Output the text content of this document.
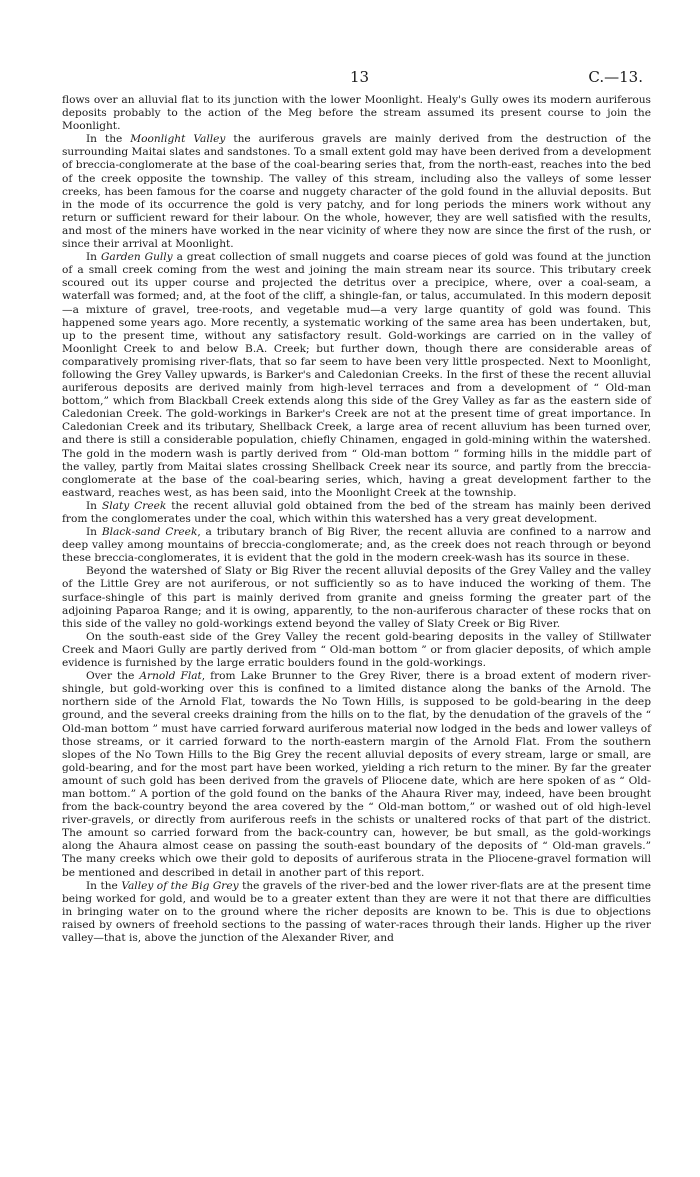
13	C.—13.

flows over an alluvial flat to its junction with the lower Moonlight. Healy's Gully owes its modern auriferous deposits probably to the action of the Meg before the stream assumed its present course to join the Moonlight.

In the Moonlight Valley the auriferous gravels are mainly derived from the destruction of the surrounding Maitai slates and sandstones. To a small extent gold may have been derived from a development of breccia-conglomerate at the base of the coal-bearing series that, from the north-east, reaches into the bed of the creek opposite the township. The valley of this stream, including also the valleys of some lesser creeks, has been famous for the coarse and nuggety character of the gold found in the alluvial deposits. But in the mode of its occurrence the gold is very patchy, and for long periods the miners work without any return or sufficient reward for their labour. On the whole, however, they are well satisfied with the results, and most of the miners have worked in the near vicinity of where they now are since the first of the rush, or since their arrival at Moonlight.

In Garden Gully a great collection of small nuggets and coarse pieces of gold was found at the junction of a small creek coming from the west and joining the main stream near its source. This tributary creek scoured out its upper course and projected the detritus over a precipice, where, over a coal-seam, a waterfall was formed; and, at the foot of the cliff, a shingle-fan, or talus, accumulated. In this modern deposit—a mixture of gravel, tree-roots, and vegetable mud—a very large quantity of gold was found. This happened some years ago. More recently, a systematic working of the same area has been undertaken, but, up to the present time, without any satisfactory result. Gold-workings are carried on in the valley of Moonlight Creek to and below B.A. Creek; but further down, though there are considerable areas of comparatively promising river-flats, that so far seem to have been very little prospected. Next to Moonlight, following the Grey Valley upwards, is Barker's and Caledonian Creeks. In the first of these the recent alluvial auriferous deposits are derived mainly from high-level terraces and from a development of “ Old-man bottom,” which from Blackball Creek extends along this side of the Grey Valley as far as the eastern side of Caledonian Creek. The gold-workings in Barker's Creek are not at the present time of great importance. In Caledonian Creek and its tributary, Shellback Creek, a large area of recent alluvium has been turned over, and there is still a considerable population, chiefly Chinamen, engaged in gold-mining within the watershed. The gold in the modern wash is partly derived from “ Old-man bottom ” forming hills in the middle part of the valley, partly from Maitai slates crossing Shellback Creek near its source, and partly from the breccia-conglomerate at the base of the coal-bearing series, which, having a great development farther to the eastward, reaches west, as has been said, into the Moonlight Creek at the township.

In Slaty Creek the recent alluvial gold obtained from the bed of the stream has mainly been derived from the conglomerates under the coal, which within this watershed has a very great development.

In Black-sand Creek, a tributary branch of Big River, the recent alluvia are confined to a narrow and deep valley among mountains of breccia-conglomerate; and, as the creek does not reach through or beyond these breccia-conglomerates, it is evident that the gold in the modern creek-wash has its source in these.

Beyond the watershed of Slaty or Big River the recent alluvial deposits of the Grey Valley and the valley of the Little Grey are not auriferous, or not sufficiently so as to have induced the working of them. The surface-shingle of this part is mainly derived from granite and gneiss forming the greater part of the adjoining Paparoa Range; and it is owing, apparently, to the non-auriferous character of these rocks that on this side of the valley no gold-workings extend beyond the valley of Slaty Creek or Big River.

On the south-east side of the Grey Valley the recent gold-bearing deposits in the valley of Stillwater Creek and Maori Gully are partly derived from “ Old-man bottom ” or from glacier deposits, of which ample evidence is furnished by the large erratic boulders found in the gold-workings.

Over the Arnold Flat, from Lake Brunner to the Grey River, there is a broad extent of modern river-shingle, but gold-working over this is confined to a limited distance along the banks of the Arnold. The northern side of the Arnold Flat, towards the No Town Hills, is supposed to be gold-bearing in the deep ground, and the several creeks draining from the hills on to the flat, by the denudation of the gravels of the “ Old-man bottom ” must have carried forward auriferous material now lodged in the beds and lower valleys of those streams, or it carried forward to the north-eastern margin of the Arnold Flat. From the southern slopes of the No Town Hills to the Big Grey the recent alluvial deposits of every stream, large or small, are gold-bearing, and for the most part have been worked, yielding a rich return to the miner. By far the greater amount of such gold has been derived from the gravels of Pliocene date, which are here spoken of as “ Old-man bottom.” A portion of the gold found on the banks of the Ahaura River may, indeed, have been brought from the back-country beyond the area covered by the “ Old-man bottom,” or washed out of old high-level river-gravels, or directly from auriferous reefs in the schists or unaltered rocks of that part of the district. The amount so carried forward from the back-country can, however, be but small, as the gold-workings along the Ahaura almost cease on passing the south-east boundary of the deposits of “ Old-man gravels.” The many creeks which owe their gold to deposits of auriferous strata in the Pliocene-gravel formation will be mentioned and described in detail in another part of this report.

In the Valley of the Big Grey the gravels of the river-bed and the lower river-flats are at the present time being worked for gold, and would be to a greater extent than they are were it not that there are difficulties in bringing water on to the ground where the richer deposits are known to be. This is due to objections raised by owners of freehold sections to the passing of water-races through their lands. Higher up the river valley—that is, above the junction of the Alexander River, and
